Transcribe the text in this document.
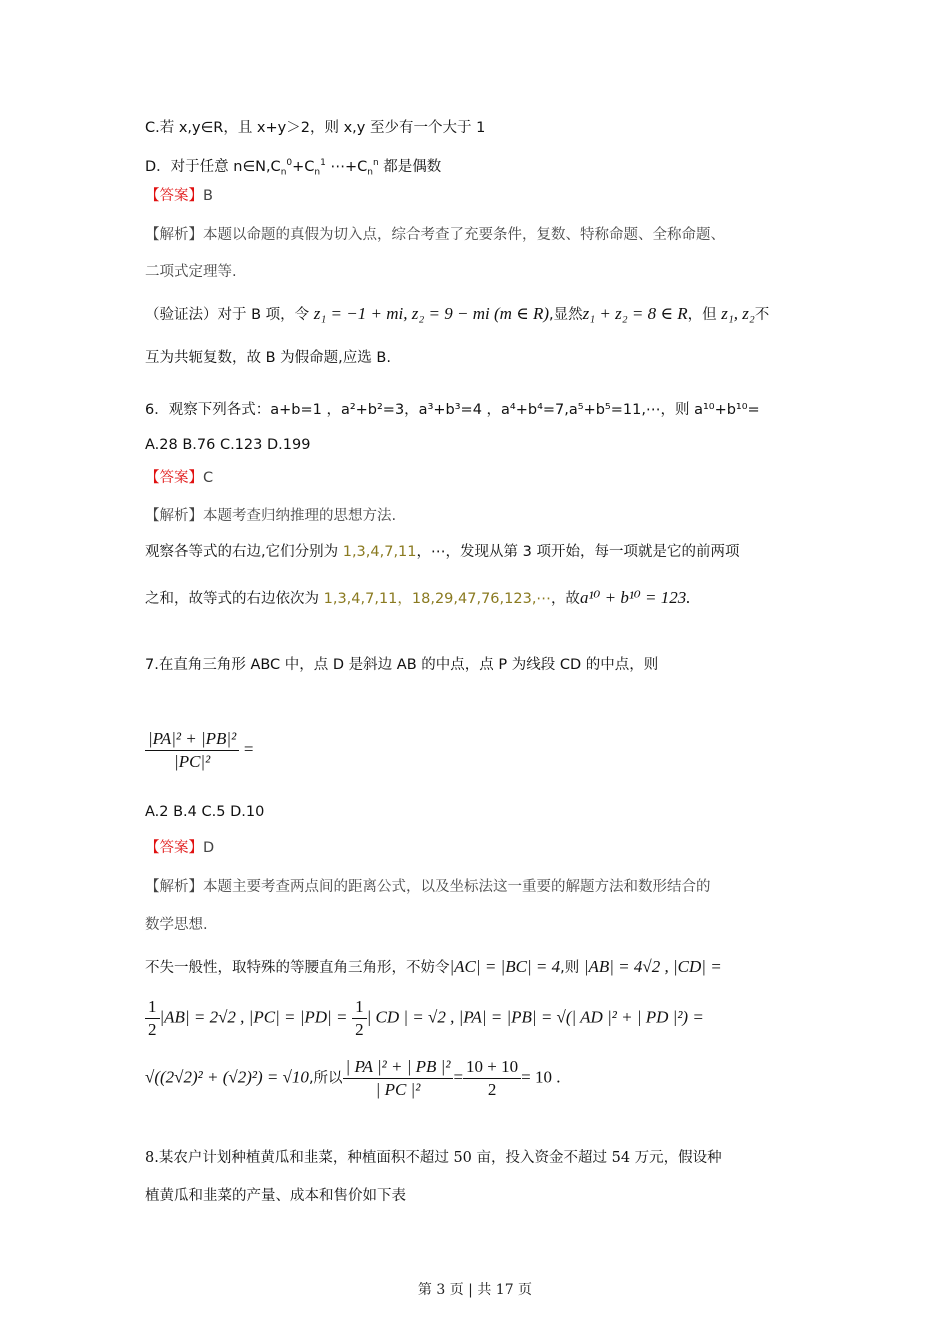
C.若 x,y∈R，且 x+y＞2，则 x,y 至少有一个大于 1
D．对于任意 $n\in N,C_n^0+C_n^1$ $\cdots+C_n^n$ 都是偶数
【答案】B
【解析】本题以命题的真假为切入点，综合考查了充要条件，复数、特称命题、全称命题、
二项式定理等.
（验证法）对于 B 项，令 z₁ = −1 + mi, z₂ = 9 − mi (m ∈ R),显然z₁ + z₂ = 8 ∈ R，但 z₁, z₂不
互为共轭复数，故 B 为假命题,应选 B.
6．观察下列各式：a+b=1 ，a²+b²=3，a³+b³=4 ，a⁴+b⁴=7,a⁵+b⁵=11,⋯，则 a¹⁰+b¹⁰=
A.28 B.76 C.123 D.199
【答案】C
【解析】本题考查归纳推理的思想方法.
观察各等式的右边,它们分别为 1,3,4,7,11，⋯，发现从第 3 项开始，每一项就是它的前两项
之和，故等式的右边依次为 1,3,4,7,11，18,29,47,76,123,⋯，故a¹⁰ + b¹⁰ = 123.
7.在直角三角形 ABC 中，点 D 是斜边 AB 的中点，点 P 为线段 CD 的中点，则
$\frac{\text{|PA|² + |PB|²}}{\text{|PC|²}}$ =
A.2 B.4 C.5 D.10
【答案】D
【解析】本题主要考查两点间的距离公式，以及坐标法这一重要的解题方法和数形结合的
数学思想.
不失一般性，取特殊的等腰直角三角形，不妨令|AC| = |BC| = 4,则 |AB| = 4√2 , |CD| =
$\frac{1}{2} |AB| = 2√2$ , $|PC| = |PD| = \frac{1}{2}$ | CD | = √2 , |PA| = |PB| = √(| AD |² + | PD |²) =
√((2√2)² + (√2)²) = √10,所以 $\frac{\text{| PA |² + | PB |²}}{\text{| PC |²}} = \frac{10 + 10}{2} = 10$ .
8.某农户计划种植黄瓜和韭菜，种植面积不超过 50 亩，投入资金不超过 54 万元，假设种
植黄瓜和韭菜的产量、成本和售价如下表
第 3 页 | 共 17 页
